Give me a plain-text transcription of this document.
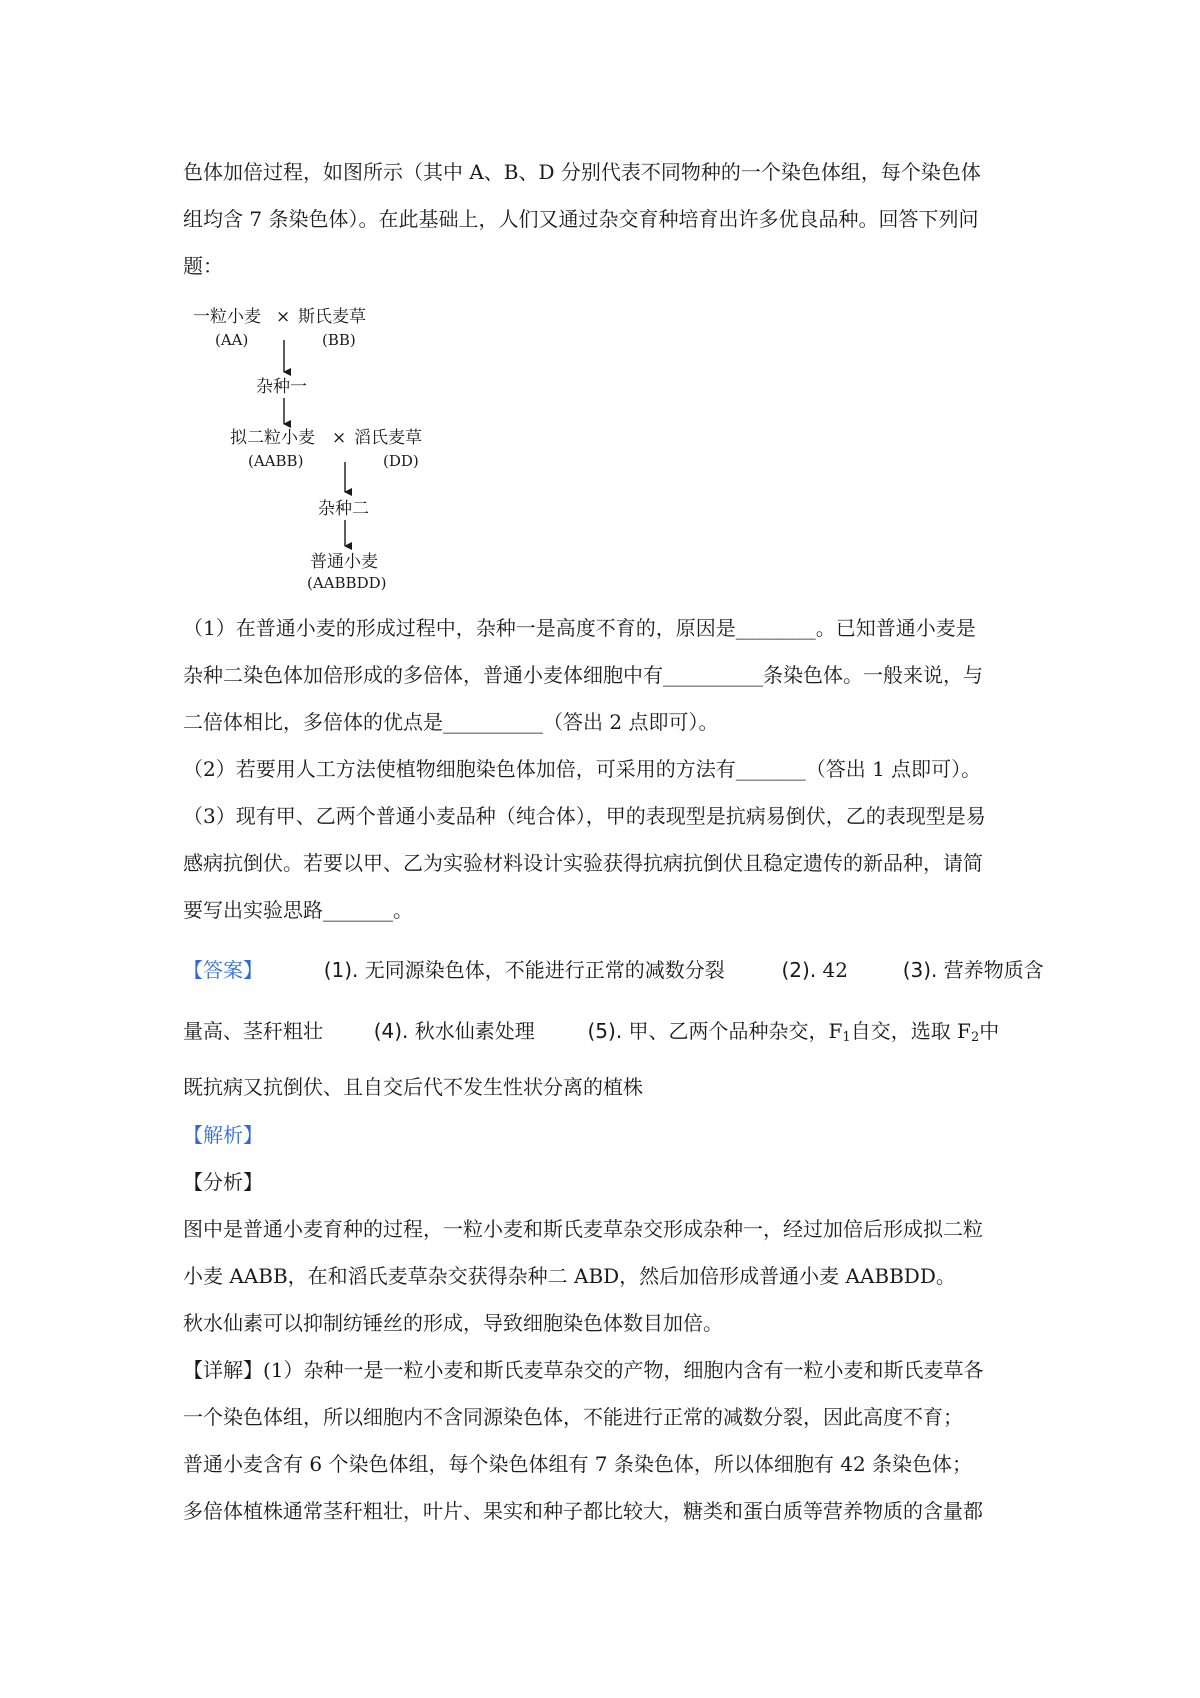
色体加倍过程，如图所示（其中 A、B、D 分别代表不同物种的一个染色体组，每个染色体
组均含 7 条染色体）。在此基础上，人们又通过杂交育种培育出许多优良品种。回答下列问
题：
一粒小麦 × 斯氏麦草
(AA)	(BB)
杂种一
拟二粒小麦 × 滔氏麦草
(AABB)	(DD)
杂种二
普通小麦
(AABBDD)
（1）在普通小麦的形成过程中，杂种一是高度不育的，原因是________。已知普通小麦是
杂种二染色体加倍形成的多倍体，普通小麦体细胞中有__________条染色体。一般来说，与
二倍体相比，多倍体的优点是__________（答出 2 点即可）。
（2）若要用人工方法使植物细胞染色体加倍，可采用的方法有_______（答出 1 点即可）。
（3）现有甲、乙两个普通小麦品种（纯合体），甲的表现型是抗病易倒伏，乙的表现型是易
感病抗倒伏。若要以甲、乙为实验材料设计实验获得抗病抗倒伏且稳定遗传的新品种，请简
要写出实验思路_______。
【答案】	(1). 无同源染色体，不能进行正常的减数分裂	(2). 42	(3). 营养物质含
量高、茎秆粗壮	(4). 秋水仙素处理	(5). 甲、乙两个品种杂交，$F_1$自交，选取 $F_2$中
既抗病又抗倒伏、且自交后代不发生性状分离的植株
【解析】
【分析】
图中是普通小麦育种的过程，一粒小麦和斯氏麦草杂交形成杂种一，经过加倍后形成拟二粒
小麦 AABB，在和滔氏麦草杂交获得杂种二 ABD，然后加倍形成普通小麦 AABBDD。
秋水仙素可以抑制纺锤丝的形成，导致细胞染色体数目加倍。
【详解】(1）杂种一是一粒小麦和斯氏麦草杂交的产物，细胞内含有一粒小麦和斯氏麦草各
一个染色体组，所以细胞内不含同源染色体，不能进行正常的减数分裂，因此高度不育；
普通小麦含有 6 个染色体组，每个染色体组有 7 条染色体，所以体细胞有 42 条染色体；
多倍体植株通常茎秆粗壮，叶片、果实和种子都比较大，糖类和蛋白质等营养物质的含量都
